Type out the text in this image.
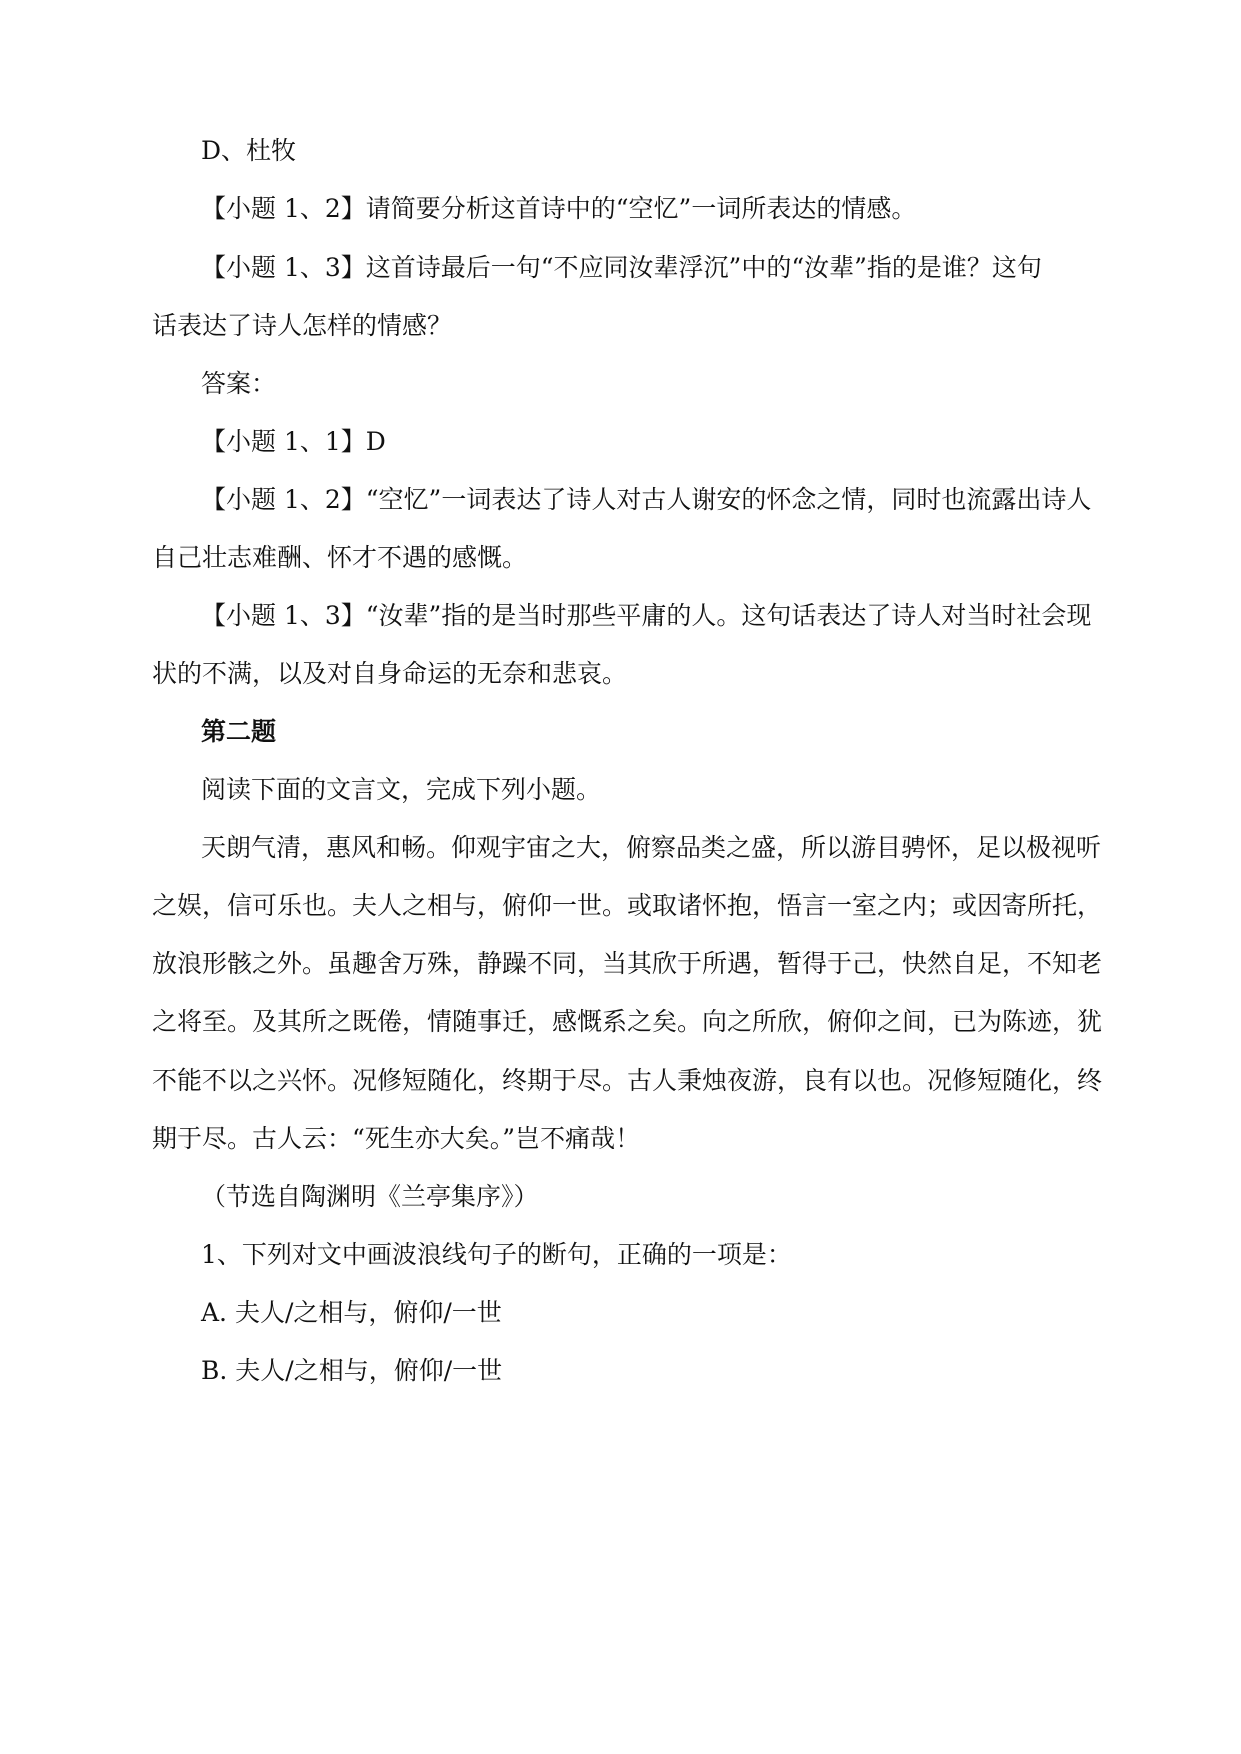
D、杜牧

【小题 1、2】请简要分析这首诗中的“空忆”一词所表达的情感。

【小题 1、3】这首诗最后一句“不应同汝辈浮沉”中的“汝辈”指的是谁？这句

话表达了诗人怎样的情感？

答案：

【小题 1、1】D

【小题 1、2】“空忆”一词表达了诗人对古人谢安的怀念之情，同时也流露出诗人

自己壮志难酬、怀才不遇的感慨。

【小题 1、3】“汝辈”指的是当时那些平庸的人。这句话表达了诗人对当时社会现

状的不满，以及对自身命运的无奈和悲哀。

第二题

阅读下面的文言文，完成下列小题。

天朗气清，惠风和畅。仰观宇宙之大，俯察品类之盛，所以游目骋怀，足以极视听

之娱，信可乐也。夫人之相与，俯仰一世。或取诸怀抱，悟言一室之内；或因寄所托，

放浪形骸之外。虽趣舍万殊，静躁不同，当其欣于所遇，暂得于己，快然自足，不知老

之将至。及其所之既倦，情随事迁，感慨系之矣。向之所欣，俯仰之间，已为陈迹，犹

不能不以之兴怀。况修短随化，终期于尽。古人秉烛夜游，良有以也。况修短随化，终

期于尽。古人云：“死生亦大矣。”岂不痛哉！

（节选自陶渊明《兰亭集序》）

1、下列对文中画波浪线句子的断句，正确的一项是：

A. 夫人/之相与，俯仰/一世

B. 夫人/之相与，俯仰/一世
